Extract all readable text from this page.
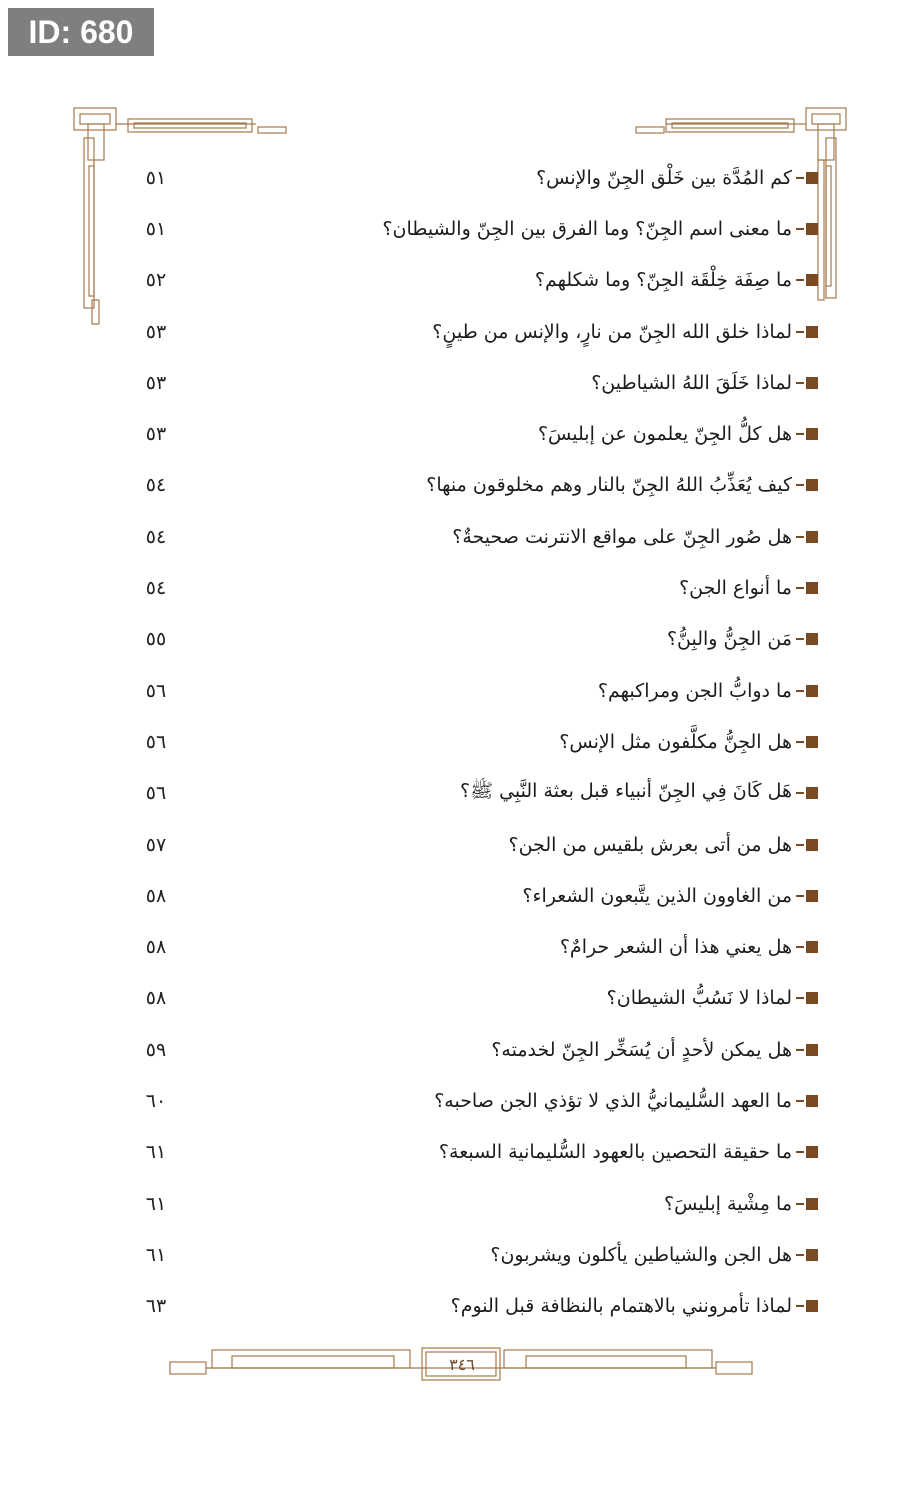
ID: 680
كم المُدَّة بين خَلْق الجِنّ والإنس؟
٥١
ما معنى اسم الجِنّ؟ وما الفرق بين الجِنّ والشيطان؟
٥١
ما صِفَة خِلْقَة الجِنّ؟ وما شكلهم؟
٥٢
لماذا خلق الله الجِنّ من نارٍ، والإنس من طينٍ؟
٥٣
لماذا خَلَقَ اللهُ الشياطين؟
٥٣
هل كلُّ الجِنّ يعلمون عن إبليسَ؟
٥٣
كيف يُعَذِّبُ اللهُ الجِنّ بالنار وهم مخلوقون منها؟
٥٤
هل صُور الجِنّ على مواقع الانترنت صحيحةٌ؟
٥٤
ما أنواع الجن؟
٥٤
مَن الجِنُّ والبِنُّ؟
٥٥
ما دوابُّ الجن ومراكبهم؟
٥٦
هل الجِنُّ مكلَّفون مثل الإنس؟
٥٦
هَل كَانَ فِي الجِنّ أنبياء قبل بعثة النَّبِي ﷺ؟
٥٦
هل من أتى بعرش بلقيس من الجن؟
٥٧
من الغاوون الذين يتَّبعون الشعراء؟
٥٨
هل يعني هذا أن الشعر حرامٌ؟
٥٨
لماذا لا نَسُبُّ الشيطان؟
٥٨
هل يمكن لأحدٍ أن يُسَخِّر الجِنّ لخدمته؟
٥٩
ما العهد السُّليمانيُّ الذي لا تؤذي الجن صاحبه؟
٦٠
ما حقيقة التحصين بالعهود السُّليمانية السبعة؟
٦١
ما مِشْية إبليسَ؟
٦١
هل الجن والشياطين يأكلون ويشربون؟
٦١
لماذا تأمرونني بالاهتمام بالنظافة قبل النوم؟
٦٣
٣٤٦
